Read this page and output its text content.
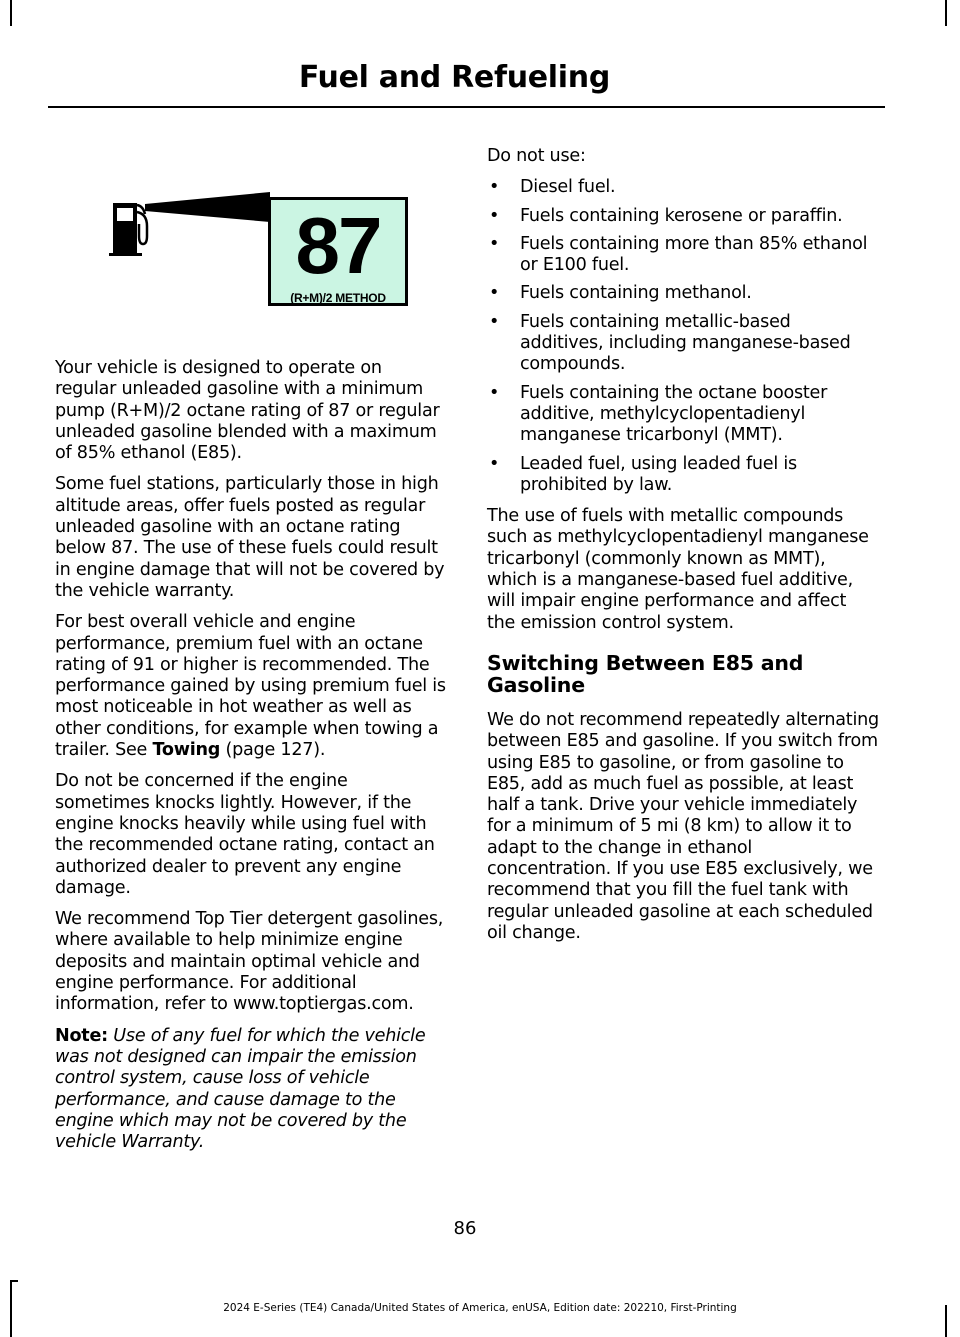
Fuel and Refueling
87
(R+M)/2 METHOD

Your vehicle is designed to operate on regular unleaded gasoline with a minimum pump (R+M)/2 octane rating of 87 or regular unleaded gasoline blended with a maximum of 85% ethanol (E85).

Some fuel stations, particularly those in high altitude areas, offer fuels posted as regular unleaded gasoline with an octane rating below 87. The use of these fuels could result in engine damage that will not be covered by the vehicle warranty.

For best overall vehicle and engine performance, premium fuel with an octane rating of 91 or higher is recommended. The performance gained by using premium fuel is most noticeable in hot weather as well as other conditions, for example when towing a trailer. See Towing (page 127).

Do not be concerned if the engine sometimes knocks lightly. However, if the engine knocks heavily while using fuel with the recommended octane rating, contact an authorized dealer to prevent any engine damage.

We recommend Top Tier detergent gasolines, where available to help minimize engine deposits and maintain optimal vehicle and engine performance. For additional information, refer to www.toptiergas.com.

Note: Use of any fuel for which the vehicle was not designed can impair the emission control system, cause loss of vehicle performance, and cause damage to the engine which may not be covered by the vehicle Warranty.

Do not use:

• Diesel fuel.
• Fuels containing kerosene or paraffin.
• Fuels containing more than 85% ethanol or E100 fuel.
• Fuels containing methanol.
• Fuels containing metallic-based additives, including manganese-based compounds.
• Fuels containing the octane booster additive, methylcyclopentadienyl manganese tricarbonyl (MMT).
• Leaded fuel, using leaded fuel is prohibited by law.

The use of fuels with metallic compounds such as methylcyclopentadienyl manganese tricarbonyl (commonly known as MMT), which is a manganese-based fuel additive, will impair engine performance and affect the emission control system.

Switching Between E85 and Gasoline

We do not recommend repeatedly alternating between E85 and gasoline. If you switch from using E85 to gasoline, or from gasoline to E85, add as much fuel as possible, at least half a tank. Drive your vehicle immediately for a minimum of 5 mi (8 km) to allow it to adapt to the change in ethanol concentration. If you use E85 exclusively, we recommend that you fill the fuel tank with regular unleaded gasoline at each scheduled oil change.

86
2024 E-Series (TE4) Canada/United States of America, enUSA, Edition date: 202210, First-Printing
